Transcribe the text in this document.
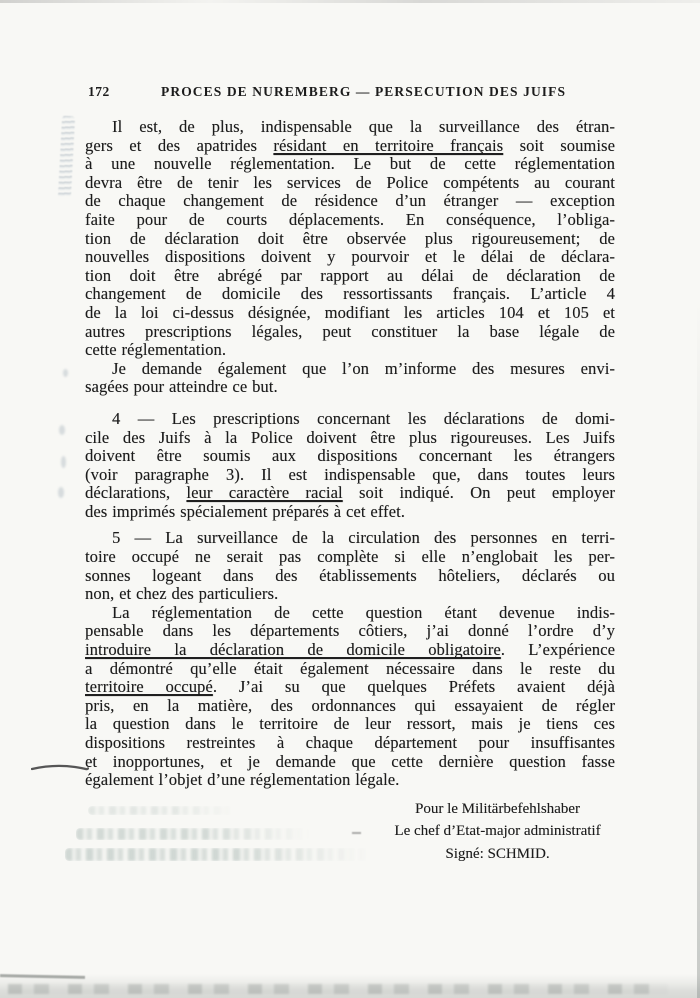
172	PROCES DE NUREMBERG — PERSECUTION DES JUIFS
Il est, de plus, indispensable que la surveillance des étran-
gers et des apatrides résidant en territoire français soit soumise
à une nouvelle réglementation. Le but de cette réglementation
devra être de tenir les services de Police compétents au courant
de chaque changement de résidence d’un étranger — exception
faite pour de courts déplacements. En conséquence, l’obliga-
tion de déclaration doit être observée plus rigoureusement; de
nouvelles dispositions doivent y pourvoir et le délai de déclara-
tion doit être abrégé par rapport au délai de déclaration de
changement de domicile des ressortissants français. L’article 4
de la loi ci-dessus désignée, modifiant les articles 104 et 105 et
autres prescriptions légales, peut constituer la base légale de
cette réglementation.
Je demande également que l’on m’informe des mesures envi-
sagées pour atteindre ce but.
4 — Les prescriptions concernant les déclarations de domi-
cile des Juifs à la Police doivent être plus rigoureuses. Les Juifs
doivent être soumis aux dispositions concernant les étrangers
(voir paragraphe 3). Il est indispensable que, dans toutes leurs
déclarations, leur caractère racial soit indiqué. On peut employer
des imprimés spécialement préparés à cet effet.
5 — La surveillance de la circulation des personnes en terri-
toire occupé ne serait pas complète si elle n’englobait les per-
sonnes logeant dans des établissements hôteliers, déclarés ou
non, et chez des particuliers.
La réglementation de cette question étant devenue indis-
pensable dans les départements côtiers, j’ai donné l’ordre d’y
introduire la déclaration de domicile obligatoire. L’expérience
a démontré qu’elle était également nécessaire dans le reste du
territoire occupé. J’ai su que quelques Préfets avaient déjà
pris, en la matière, des ordonnances qui essayaient de régler
la question dans le territoire de leur ressort, mais je tiens ces
dispositions restreintes à chaque département pour insuffisantes
et inopportunes, et je demande que cette dernière question fasse
également l’objet d’une réglementation légale.
Pour le Militärbefehlshaber
Le chef d’Etat-major administratif
Signé: SCHMID.
